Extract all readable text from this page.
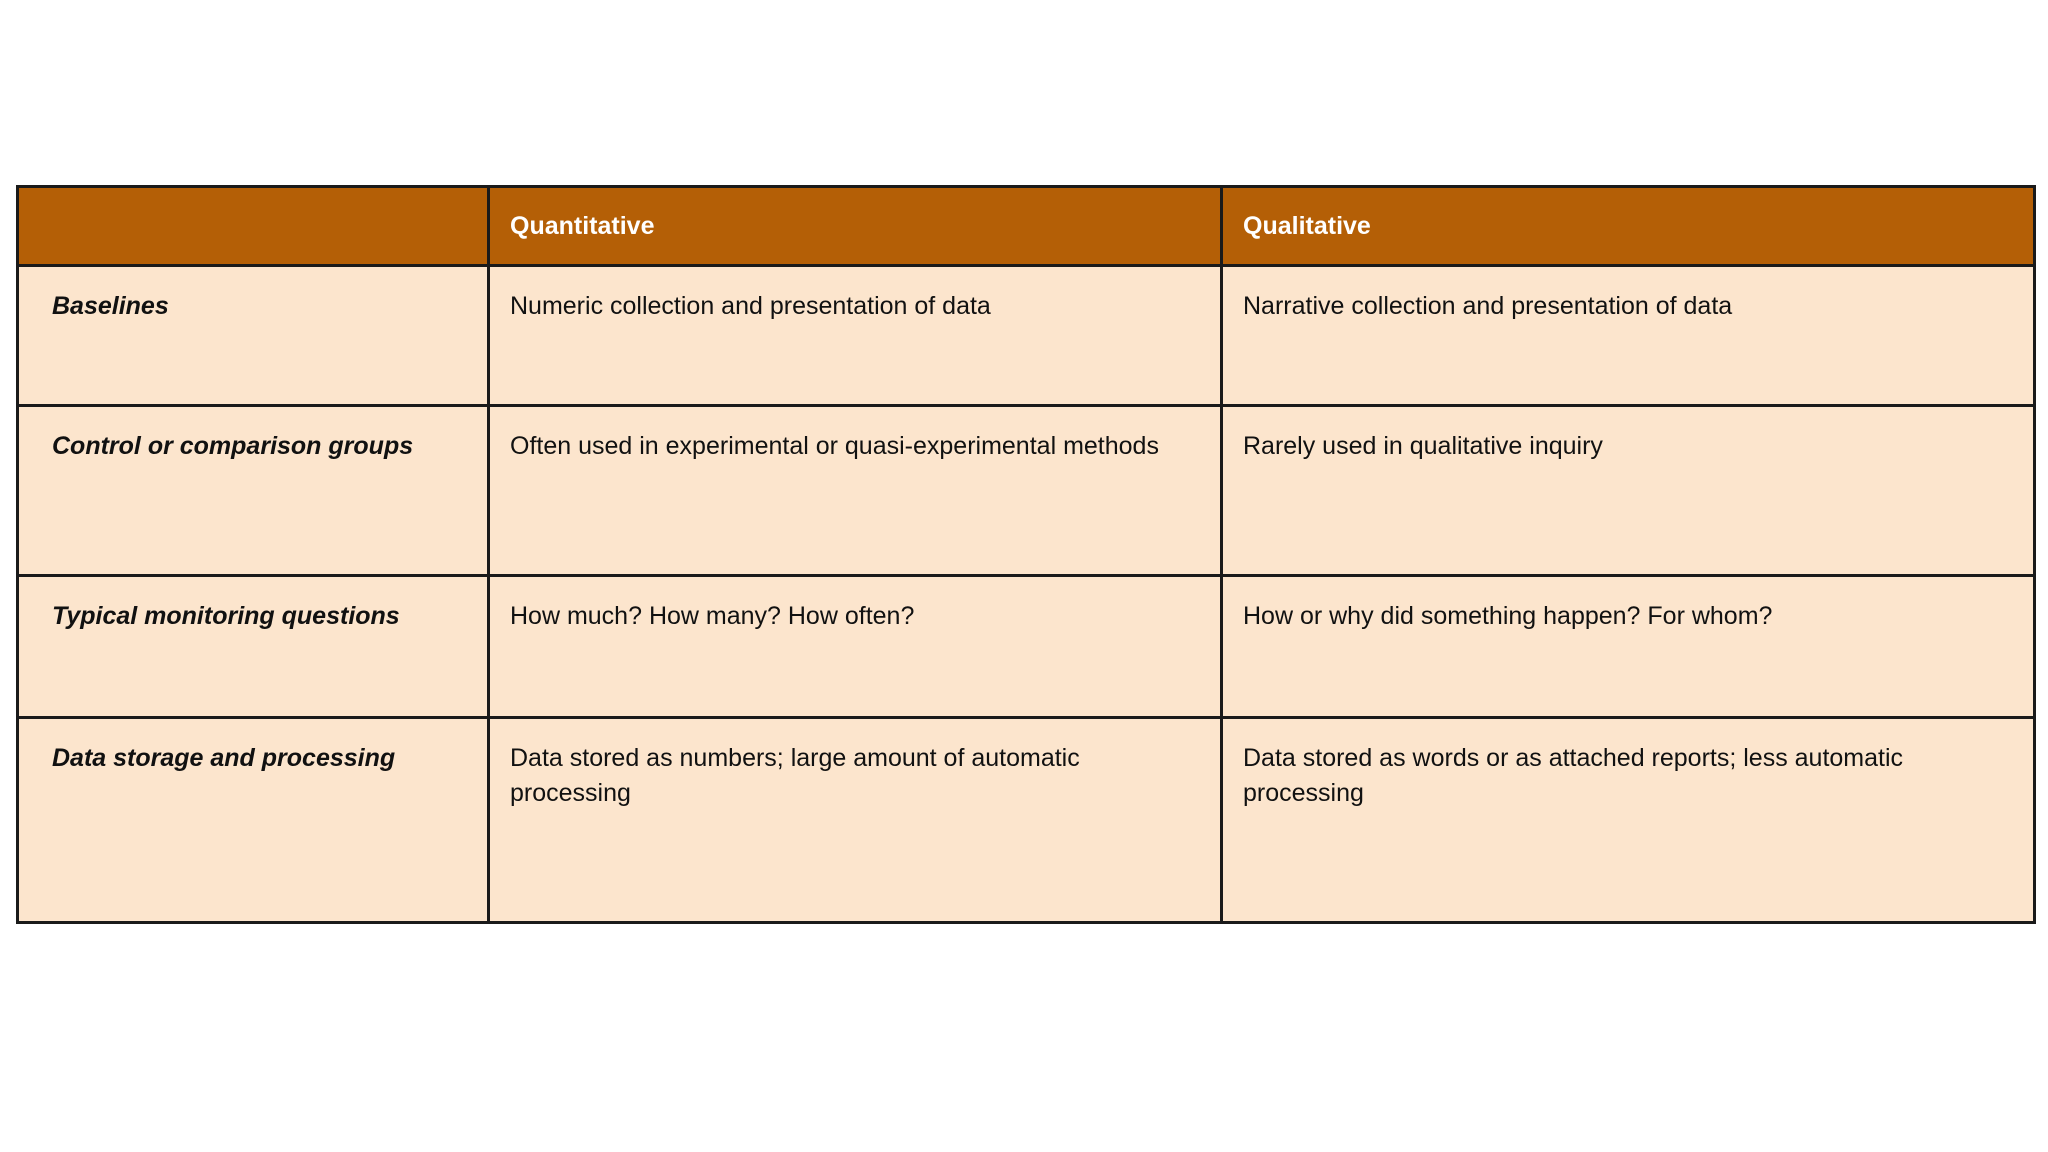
	Quantitative	Qualitative
Baselines	Numeric collection and presentation of data	Narrative collection and presentation of data
Control or comparison groups	Often used in experimental or quasi-experimental methods	Rarely used in qualitative inquiry
Typical monitoring questions	How much? How many? How often?	How or why did something happen? For whom?
Data storage and processing	Data stored as numbers; large amount of automatic processing	Data stored as words or as attached reports; less automatic processing
